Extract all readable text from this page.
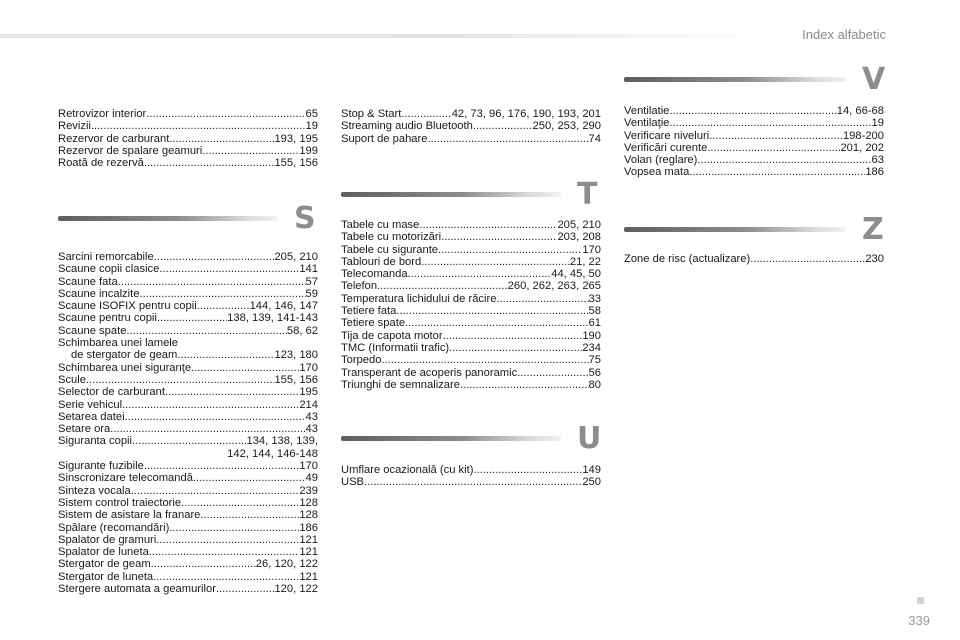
Index alfabetic
Retrovizor interior .....	65
Revizii .....	19
Rezervor de carburant .....	193, 195
Rezervor de spalare geamuri .....	199
Roată de rezervă .....	155, 156
S
Sarcini remorcabile .....	205, 210
Scaune copii clasice .....	141
Scaune fata .....	57
Scaune incalzite .....	59
Scaune ISOFIX pentru copii .....	144, 146, 147
Scaune pentru copii .....	138, 139, 141-143
Scaune spate .....	58, 62
Schimbarea unei lamele
de stergator de geam .....	123, 180
Schimbarea unei siguranţe .....	170
Scule .....	155, 156
Selector de carburant .....	195
Serie vehicul .....	214
Setarea datei .....	43
Setare ora .....	43
Siguranta copii .....	134, 138, 139,
142, 144, 146-148
Sigurante fuzibile .....	170
Sinscronizare telecomandă .....	49
Sinteza vocala .....	239
Sistem control traiectorie .....	128
Sistem de asistare la franare .....	128
Spălare (recomandări) .....	186
Spalator de gramuri .....	121
Spalator de luneta .....	121
Stergator de geam .....	26, 120, 122
Stergator de luneta .....	121
Stergere automata a geamurilor .....	120, 122
Stop & Start .....	42, 73, 96, 176, 190, 193, 201
Streaming audio Bluetooth .....	250, 253, 290
Suport de pahare .....	74
T
Tabele cu mase .....	205, 210
Tabele cu motorizări .....	203, 208
Tabele cu sigurante .....	170
Tablouri de bord .....	21, 22
Telecomanda .....	44, 45, 50
Telefon .....	260, 262, 263, 265
Temperatura lichidului de răcire .....	33
Tetiere fata .....	58
Tetiere spate .....	61
Tija de capota motor .....	190
TMC (Informatii trafic) .....	234
Torpedo .....	75
Transperant de acoperis panoramic .....	56
Triunghi de semnalizare .....	80
U
Umflare ocazională (cu kit) .....	149
USB .....	250
V
Ventilatie .....	14, 66-68
Ventilaţie .....	19
Verificare niveluri .....	198-200
Verificări curente .....	201, 202
Volan (reglare) .....	63
Vopsea mata .....	186
Z
Zone de risc (actualizare) .....	230
339
